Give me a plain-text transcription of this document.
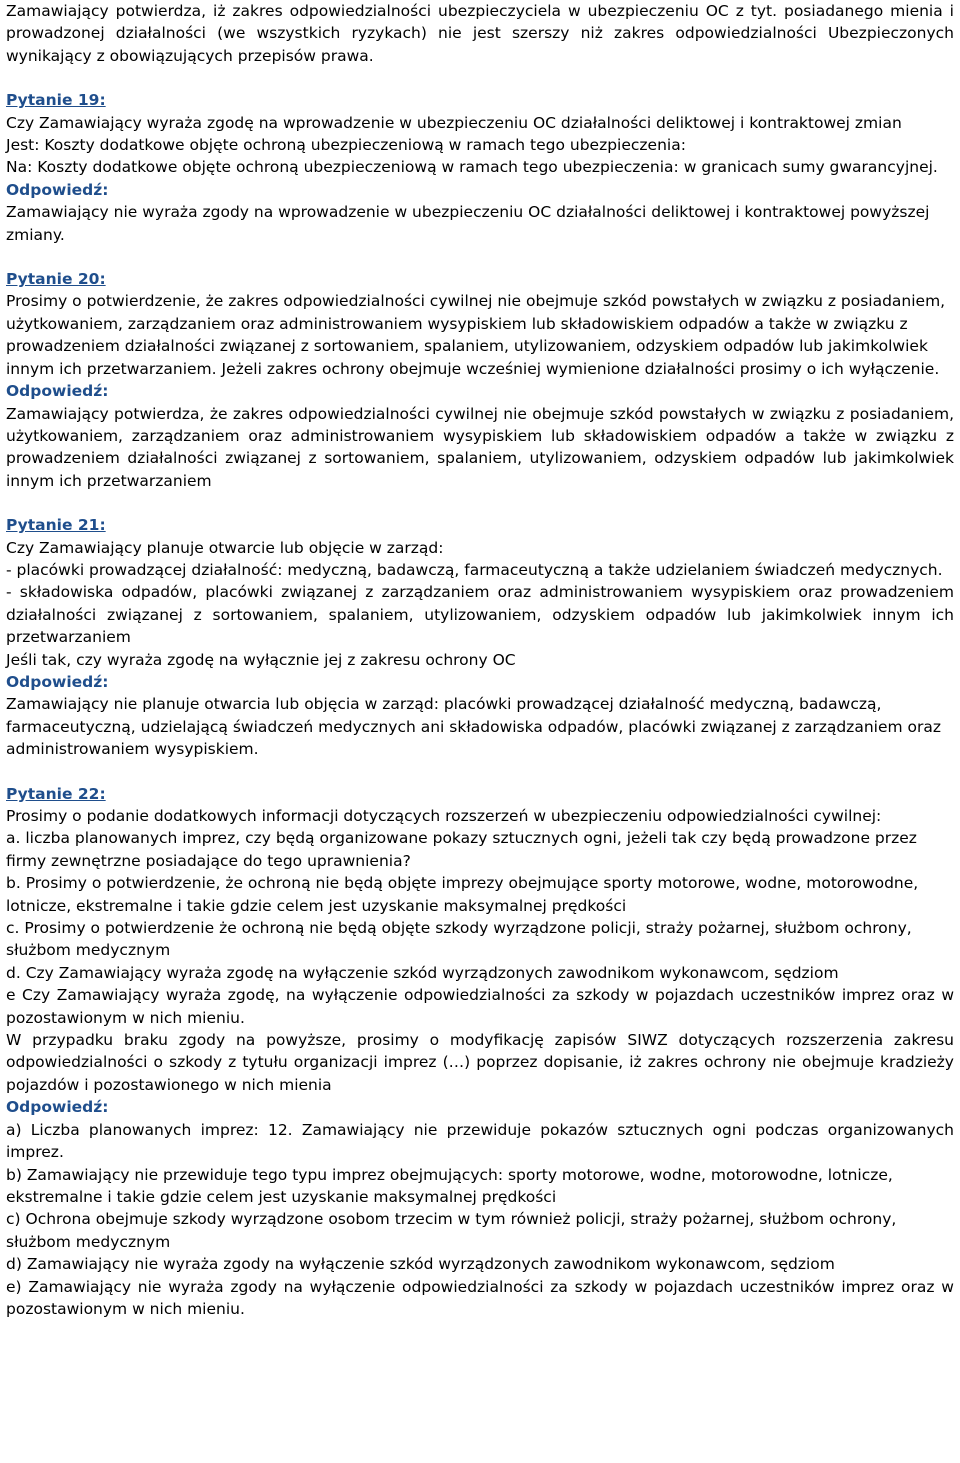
Zamawiający potwierdza, iż zakres odpowiedzialności ubezpieczyciela w ubezpieczeniu OC z tyt. posiadanego mienia i prowadzonej działalności (we wszystkich ryzykach) nie jest szerszy niż zakres odpowiedzialności Ubezpieczonych wynikający z obowiązujących przepisów prawa.

Pytanie 19:

Czy Zamawiający wyraża zgodę na wprowadzenie w ubezpieczeniu OC działalności deliktowej i kontraktowej zmian

Jest: Koszty dodatkowe objęte ochroną ubezpieczeniową w ramach tego ubezpieczenia:

Na: Koszty dodatkowe objęte ochroną ubezpieczeniową w ramach tego ubezpieczenia: w granicach sumy gwarancyjnej.

Odpowiedź:

Zamawiający nie wyraża zgody na wprowadzenie w ubezpieczeniu OC działalności deliktowej i kontraktowej powyższej zmiany.

Pytanie 20:

Prosimy o potwierdzenie, że zakres odpowiedzialności cywilnej nie obejmuje szkód powstałych w związku z posiadaniem, użytkowaniem, zarządzaniem oraz administrowaniem wysypiskiem lub składowiskiem odpadów a także w związku z prowadzeniem działalności związanej z sortowaniem, spalaniem, utylizowaniem, odzyskiem odpadów lub jakimkolwiek innym ich przetwarzaniem. Jeżeli zakres ochrony obejmuje wcześniej wymienione działalności prosimy o ich wyłączenie.

Odpowiedź:

Zamawiający potwierdza, że zakres odpowiedzialności cywilnej nie obejmuje szkód powstałych w związku z posiadaniem, użytkowaniem, zarządzaniem oraz administrowaniem wysypiskiem lub składowiskiem odpadów a także w związku z prowadzeniem działalności związanej z sortowaniem, spalaniem, utylizowaniem, odzyskiem odpadów lub jakimkolwiek innym ich przetwarzaniem

Pytanie 21:

Czy Zamawiający planuje otwarcie lub objęcie w zarząd:

- placówki prowadzącej działalność: medyczną, badawczą, farmaceutyczną a także udzielaniem świadczeń medycznych.

- składowiska odpadów, placówki związanej z zarządzaniem oraz administrowaniem wysypiskiem oraz prowadzeniem działalności związanej z sortowaniem, spalaniem, utylizowaniem, odzyskiem odpadów lub jakimkolwiek innym ich przetwarzaniem

Jeśli tak, czy wyraża zgodę na wyłącznie jej z zakresu ochrony OC

Odpowiedź:

Zamawiający nie planuje otwarcia lub objęcia w zarząd: placówki prowadzącej działalność medyczną, badawczą, farmaceutyczną, udzielającą świadczeń medycznych ani składowiska odpadów, placówki związanej z zarządzaniem oraz administrowaniem wysypiskiem.

Pytanie 22:

Prosimy o podanie dodatkowych informacji dotyczących rozszerzeń w ubezpieczeniu odpowiedzialności cywilnej:

a. liczba planowanych imprez, czy będą organizowane pokazy sztucznych ogni, jeżeli tak czy będą prowadzone przez firmy zewnętrzne posiadające do tego uprawnienia?

b. Prosimy o potwierdzenie, że ochroną nie będą objęte imprezy obejmujące sporty motorowe, wodne, motorowodne, lotnicze, ekstremalne i takie gdzie celem jest uzyskanie maksymalnej prędkości

c. Prosimy o potwierdzenie że ochroną nie będą objęte szkody wyrządzone policji, straży pożarnej, służbom ochrony, służbom medycznym

d. Czy Zamawiający wyraża zgodę na wyłączenie szkód wyrządzonych zawodnikom wykonawcom, sędziom

e Czy Zamawiający wyraża zgodę, na wyłączenie odpowiedzialności za szkody w pojazdach uczestników imprez oraz w pozostawionym w nich mieniu.

W przypadku braku zgody na powyższe, prosimy o modyfikację zapisów SIWZ dotyczących rozszerzenia zakresu odpowiedzialności o szkody z tytułu organizacji imprez (…) poprzez dopisanie, iż zakres ochrony nie obejmuje kradzieży pojazdów i pozostawionego w nich mienia

Odpowiedź:

a) Liczba planowanych imprez: 12. Zamawiający nie przewiduje pokazów sztucznych ogni podczas organizowanych imprez.

b) Zamawiający nie przewiduje tego typu imprez obejmujących: sporty motorowe, wodne, motorowodne, lotnicze, ekstremalne i takie gdzie celem jest uzyskanie maksymalnej prędkości

c) Ochrona obejmuje szkody wyrządzone osobom trzecim w tym również policji, straży pożarnej, służbom ochrony, służbom medycznym

d) Zamawiający nie wyraża zgody na wyłączenie szkód wyrządzonych zawodnikom wykonawcom, sędziom

e) Zamawiający nie wyraża zgody na wyłączenie odpowiedzialności za szkody w pojazdach uczestników imprez oraz w pozostawionym w nich mieniu.
